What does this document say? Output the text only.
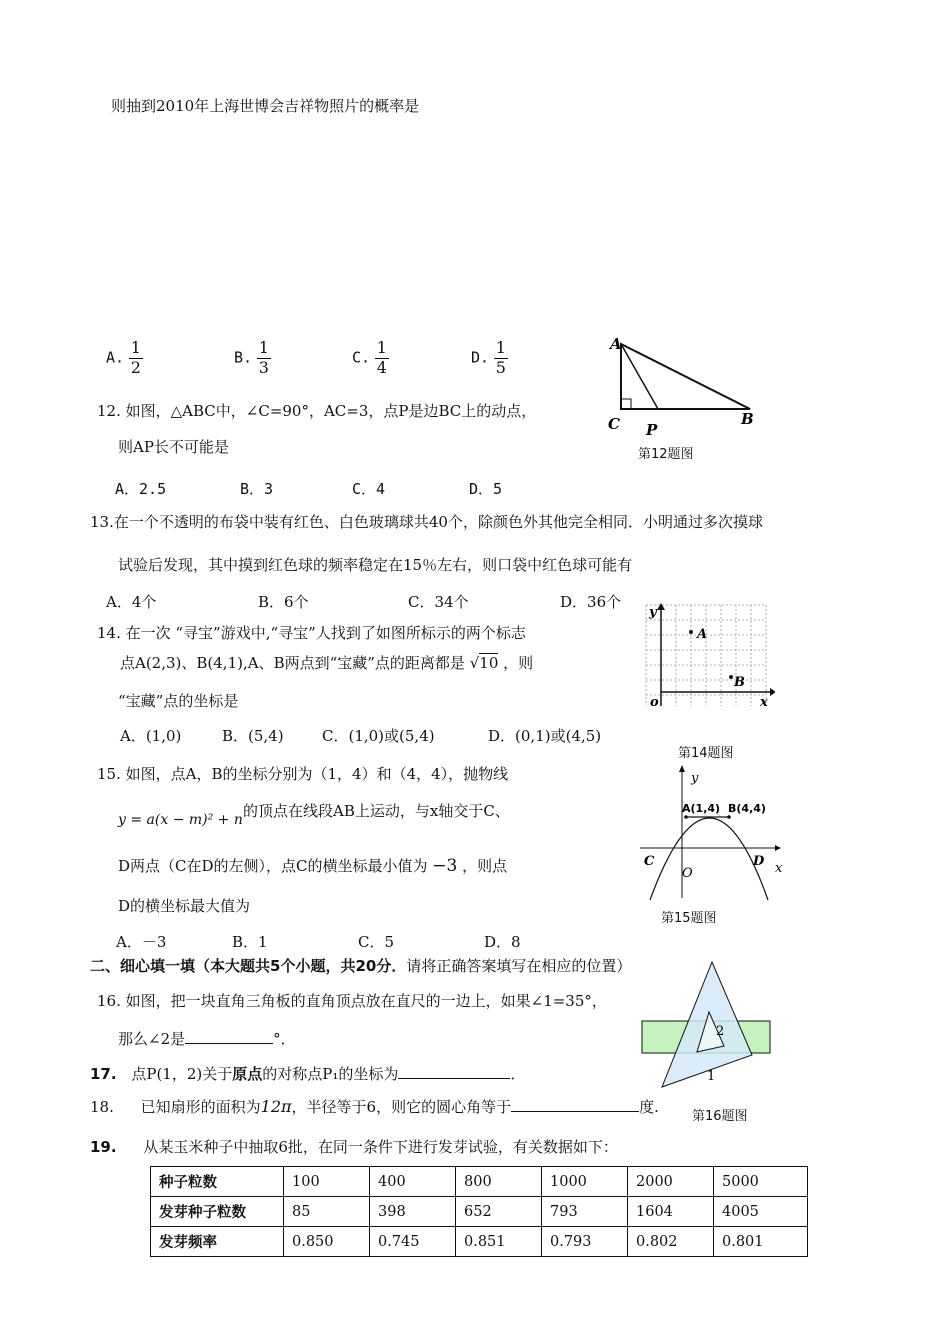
则抽到2010年上海世博会吉祥物照片的概率是
A. $\frac{1}{2}$	B. $\frac{1}{3}$	C. $\frac{1}{4}$	D. $\frac{1}{5}$
12. 如图，△ABC中，∠C=90°，AC=3，点P是边BC上的动点，
则AP长不可能是
A．2.5	B．3	C．4	D．5
A
C P
B
第12题图
13.在一个不透明的布袋中装有红色、白色玻璃球共40个，除颜色外其他完全相同．小明通过多次摸球
试验后发现，其中摸到红色球的频率稳定在15％左右，则口袋中红色球可能有
A．4个	B．6个	C．34个	D．36个
14. 在一次 “寻宝”游戏中,“寻宝”人找到了如图所标示的两个标志
点A(2,3)、B(4,1),A、B两点到“宝藏”点的距离都是 √10 ，则
“宝藏”点的坐标是
A．(1,0)	B．(5,4)	C．(1,0)或(5,4)	D．(0,1)或(4,5)
y
x
o
A
B
第14题图
15. 如图，点A，B的坐标分别为（1，4）和（4，4），抛物线
y = a(x − m)² + n 的顶点在线段AB上运动，与x轴交于C、
D两点（C在D的左侧），点C的横坐标最小值为 −3 ，则点
D的横坐标最大值为
A．－3	B．1	C．5	D．8
y
x
O
C	D
A(1,4) B(4,4)
第15题图
二、细心填一填（本大题共5个小题，共20分．请将正确答案填写在相应的位置）
16. 如图，把一块直角三角板的直角顶点放在直尺的一边上，如果∠1=35°，
那么∠2是	°．	2
1
第16题图
17. 点P(1，2)关于原点的对称点P₁的坐标为	．
18. 已知扇形的面积为12π，半径等于6，则它的圆心角等于	度.
19. 从某玉米种子中抽取6批，在同一条件下进行发芽试验，有关数据如下：
种子粒数	100	400	800	1000	2000	5000
发芽种子粒数	85	398	652	793	1604	4005
发芽频率	0.850	0.745	0.851	0.793	0.802	0.801
